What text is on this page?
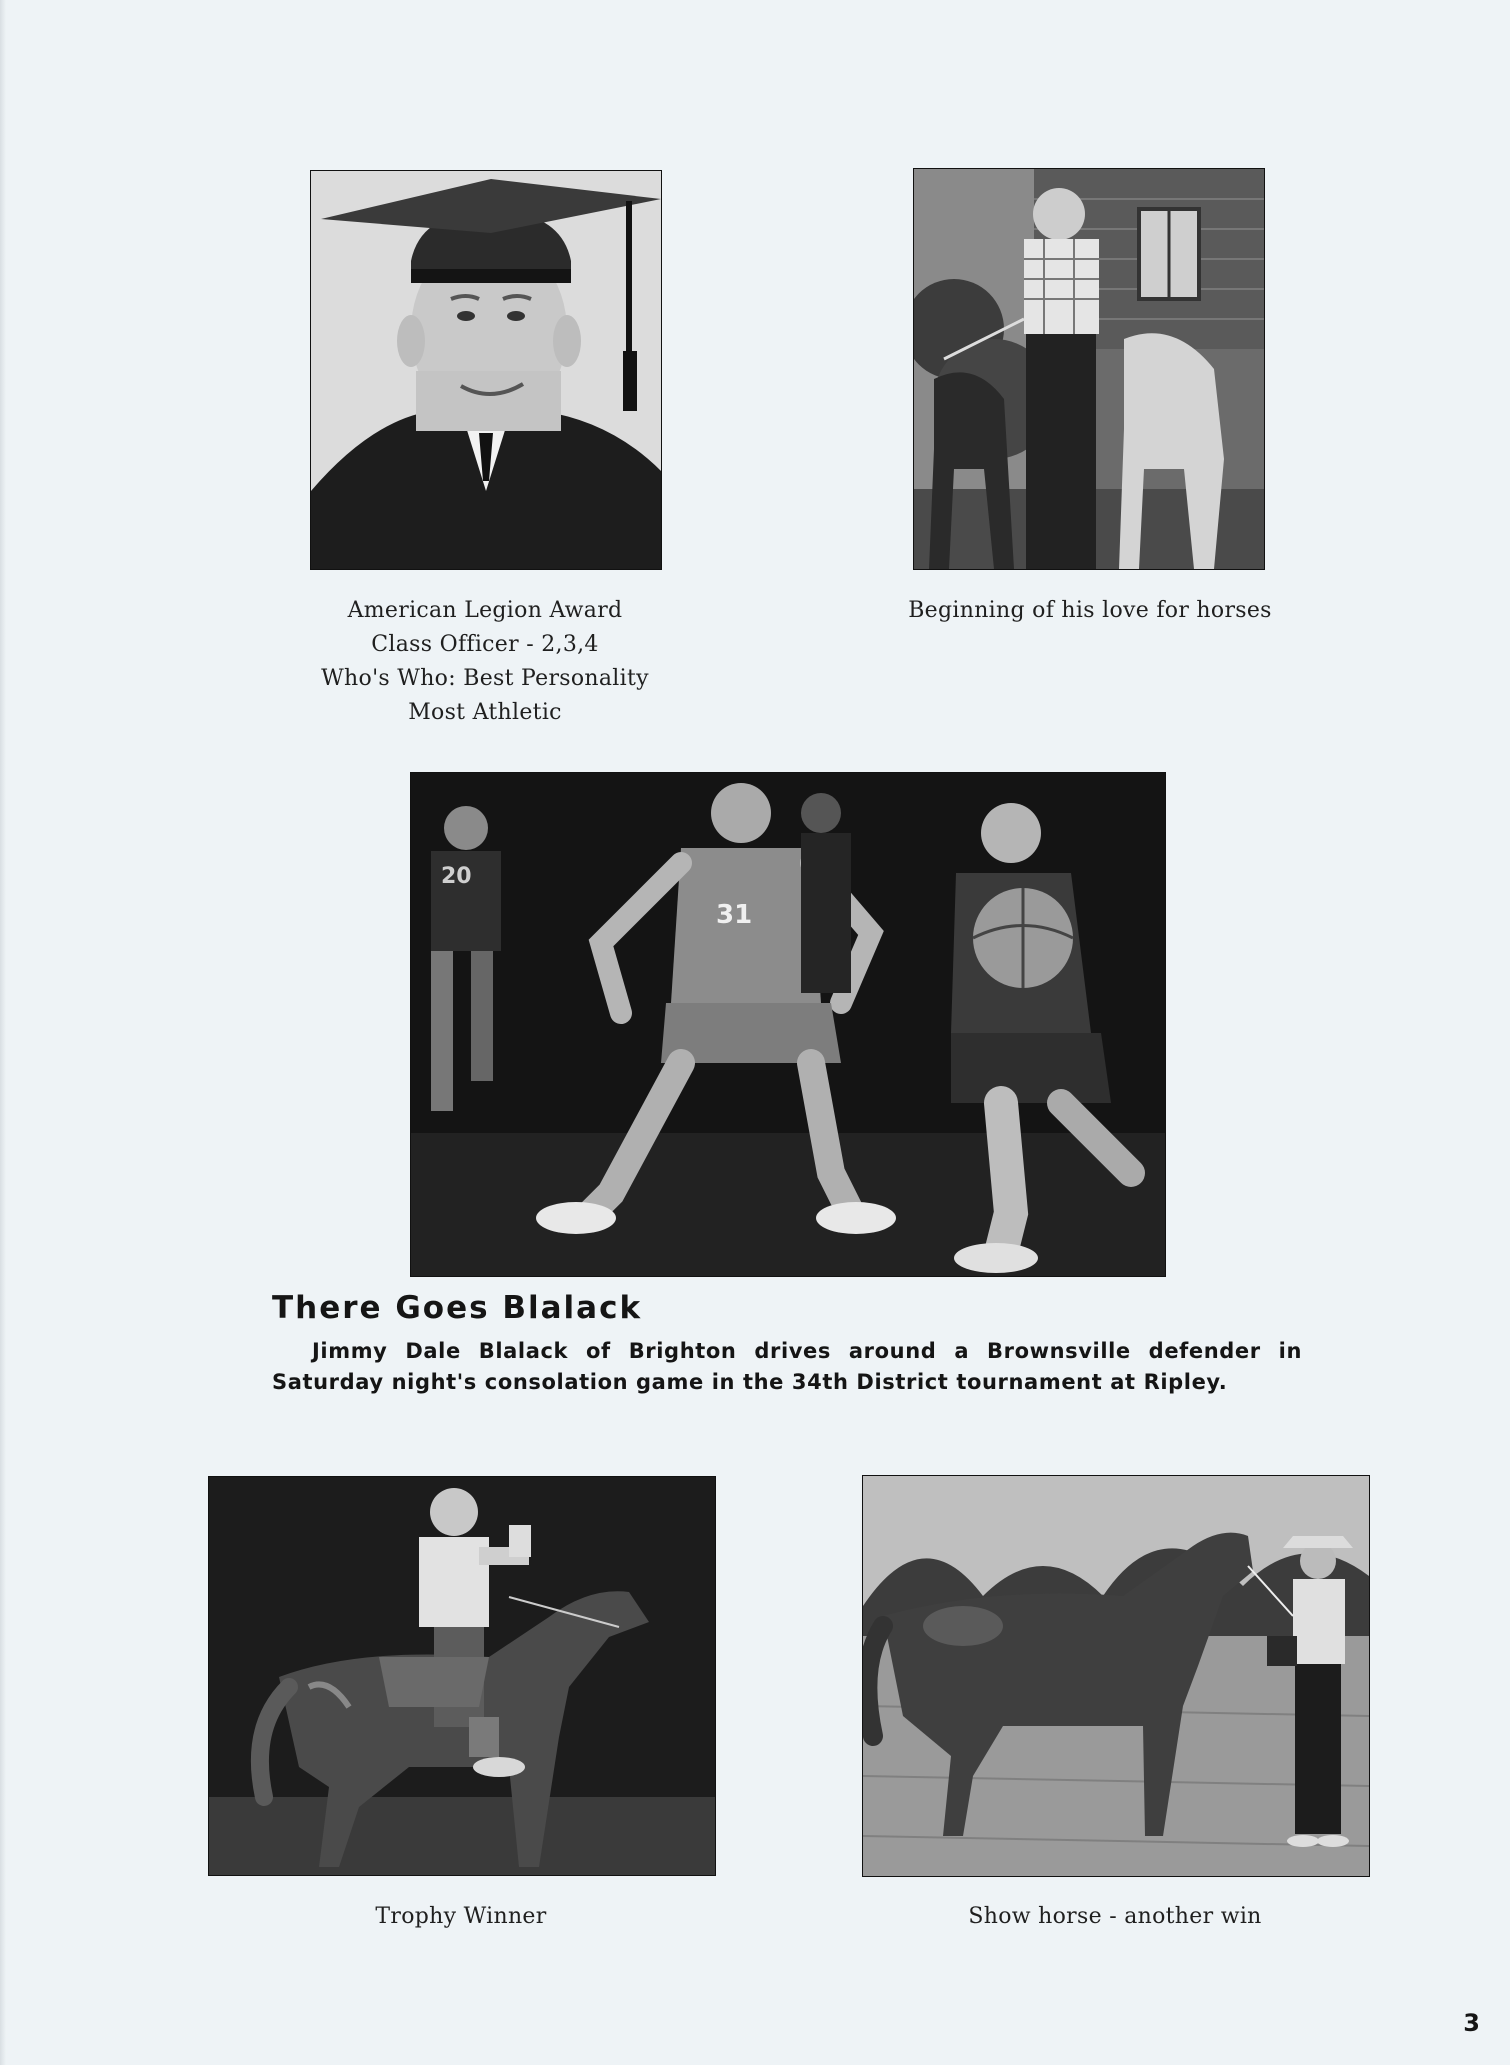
American Legion Award
Class Officer - 2,3,4
Who's Who: Best Personality
Most Athletic
Beginning of his love for horses
20
31
There Goes Blalack
Jimmy Dale Blalack of Brighton drives around a Brownsville defender in Saturday night's consolation game in the 34th District tournament at Ripley.
Trophy Winner	Show horse - another win
3
